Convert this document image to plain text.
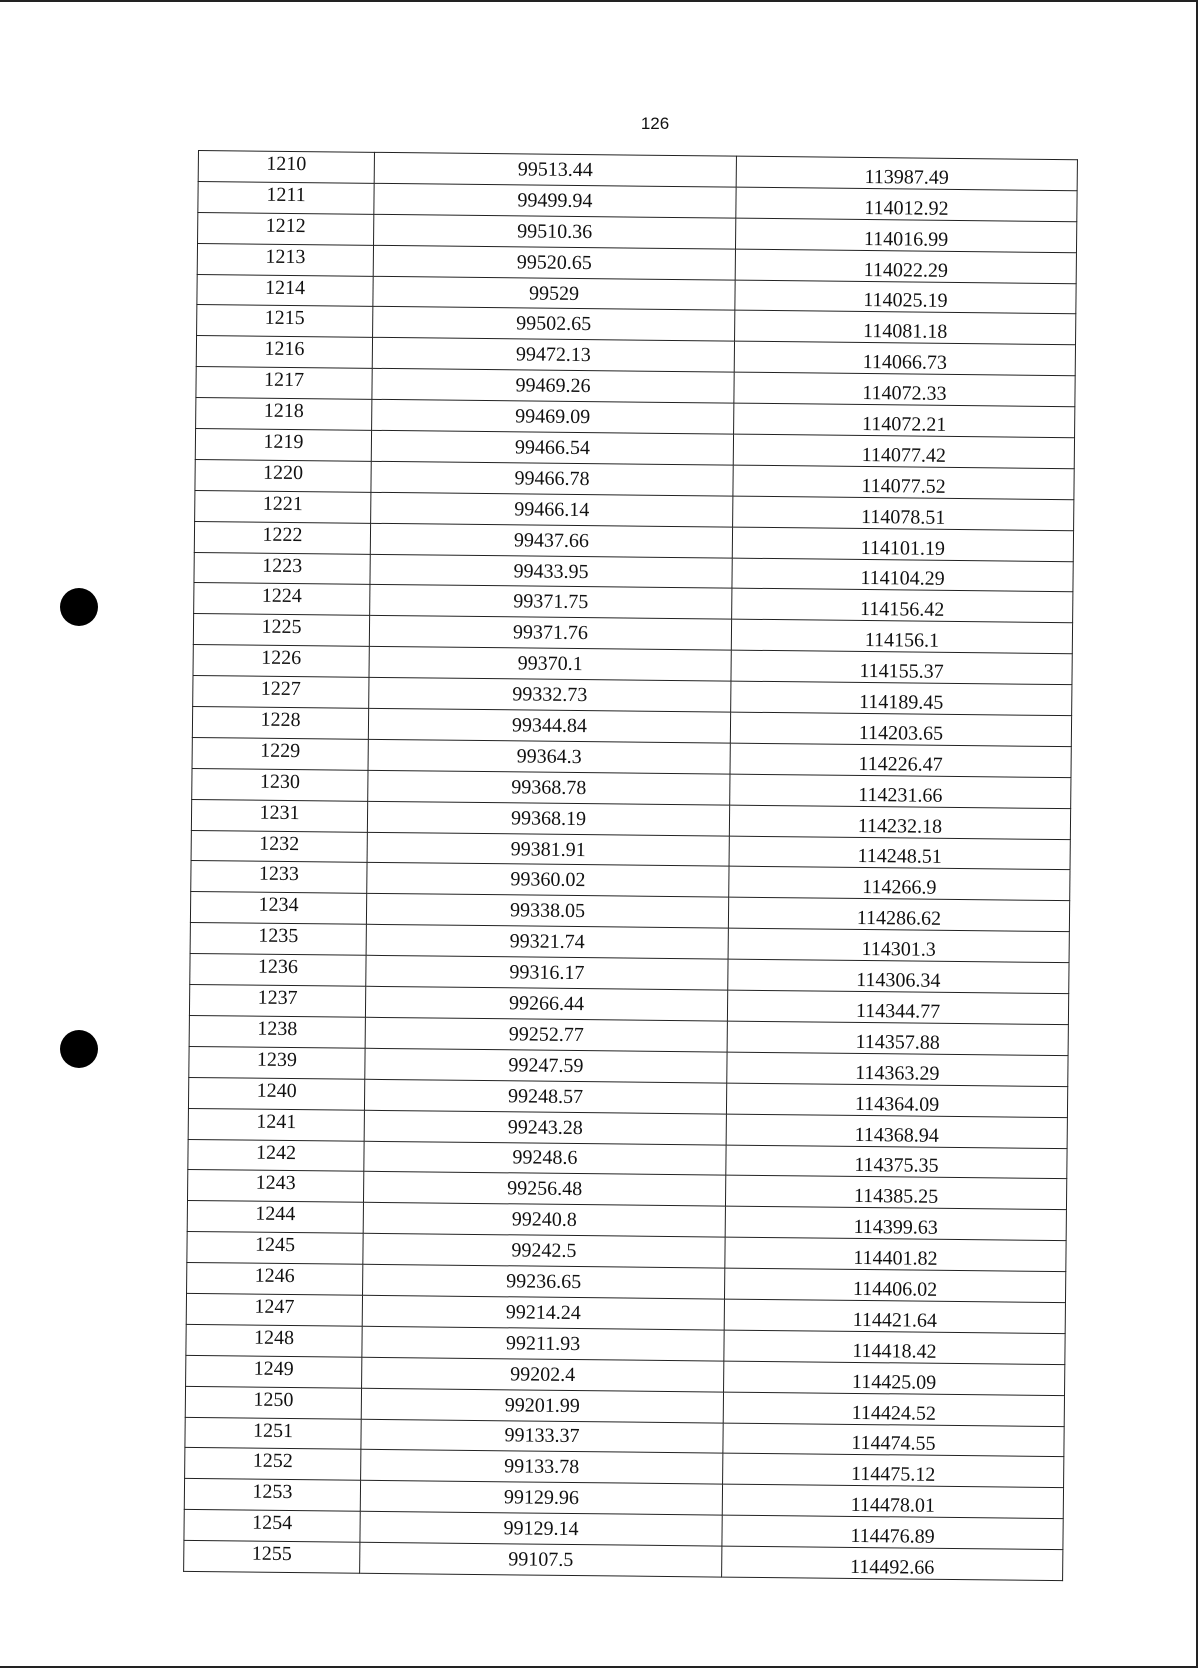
126
1210	99513.44	113987.49
1211	99499.94	114012.92
1212	99510.36	114016.99
1213	99520.65	114022.29
1214	99529	114025.19
1215	99502.65	114081.18
1216	99472.13	114066.73
1217	99469.26	114072.33
1218	99469.09	114072.21
1219	99466.54	114077.42
1220	99466.78	114077.52
1221	99466.14	114078.51
1222	99437.66	114101.19
1223	99433.95	114104.29
1224	99371.75	114156.42
1225	99371.76	114156.1
1226	99370.1	114155.37
1227	99332.73	114189.45
1228	99344.84	114203.65
1229	99364.3	114226.47
1230	99368.78	114231.66
1231	99368.19	114232.18
1232	99381.91	114248.51
1233	99360.02	114266.9
1234	99338.05	114286.62
1235	99321.74	114301.3
1236	99316.17	114306.34
1237	99266.44	114344.77
1238	99252.77	114357.88
1239	99247.59	114363.29
1240	99248.57	114364.09
1241	99243.28	114368.94
1242	99248.6	114375.35
1243	99256.48	114385.25
1244	99240.8	114399.63
1245	99242.5	114401.82
1246	99236.65	114406.02
1247	99214.24	114421.64
1248	99211.93	114418.42
1249	99202.4	114425.09
1250	99201.99	114424.52
1251	99133.37	114474.55
1252	99133.78	114475.12
1253	99129.96	114478.01
1254	99129.14	114476.89
1255	99107.5	114492.66
